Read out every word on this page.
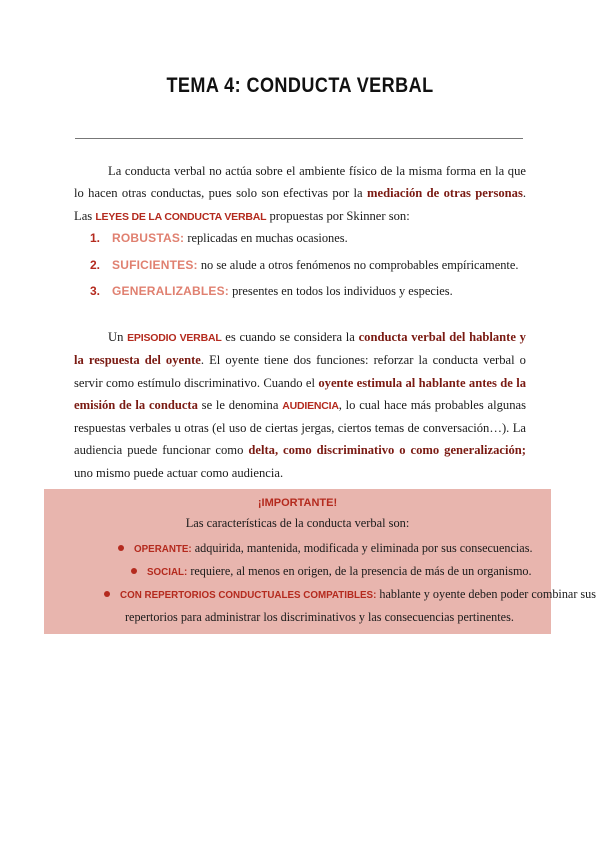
TEMA 4: CONDUCTA VERBAL
La conducta verbal no actúa sobre el ambiente físico de la misma forma en la que lo hacen otras conductas, pues solo son efectivas por la mediación de otras personas. Las LEYES DE LA CONDUCTA VERBAL propuestas por Skinner son:
1. ROBUSTAS: replicadas en muchas ocasiones.
2. SUFICIENTES: no se alude a otros fenómenos no comprobables empíricamente.
3. GENERALIZABLES: presentes en todos los individuos y especies.
Un EPISODIO VERBAL es cuando se considera la conducta verbal del hablante y la respuesta del oyente. El oyente tiene dos funciones: reforzar la conducta verbal o servir como estímulo discriminativo. Cuando el oyente estimula al hablante antes de la emisión de la conducta se le denomina AUDIENCIA, lo cual hace más probables algunas respuestas verbales u otras (el uso de ciertas jergas, ciertos temas de conversación…). La audiencia puede funcionar como delta, como discriminativo o como generalización; uno mismo puede actuar como audiencia.
¡IMPORTANTE!
Las características de la conducta verbal son:
OPERANTE: adquirida, mantenida, modificada y eliminada por sus consecuencias.
SOCIAL: requiere, al menos en origen, de la presencia de más de un organismo.
CON REPERTORIOS CONDUCTUALES COMPATIBLES: hablante y oyente deben poder combinar sus
repertorios para administrar los discriminativos y las consecuencias pertinentes.
